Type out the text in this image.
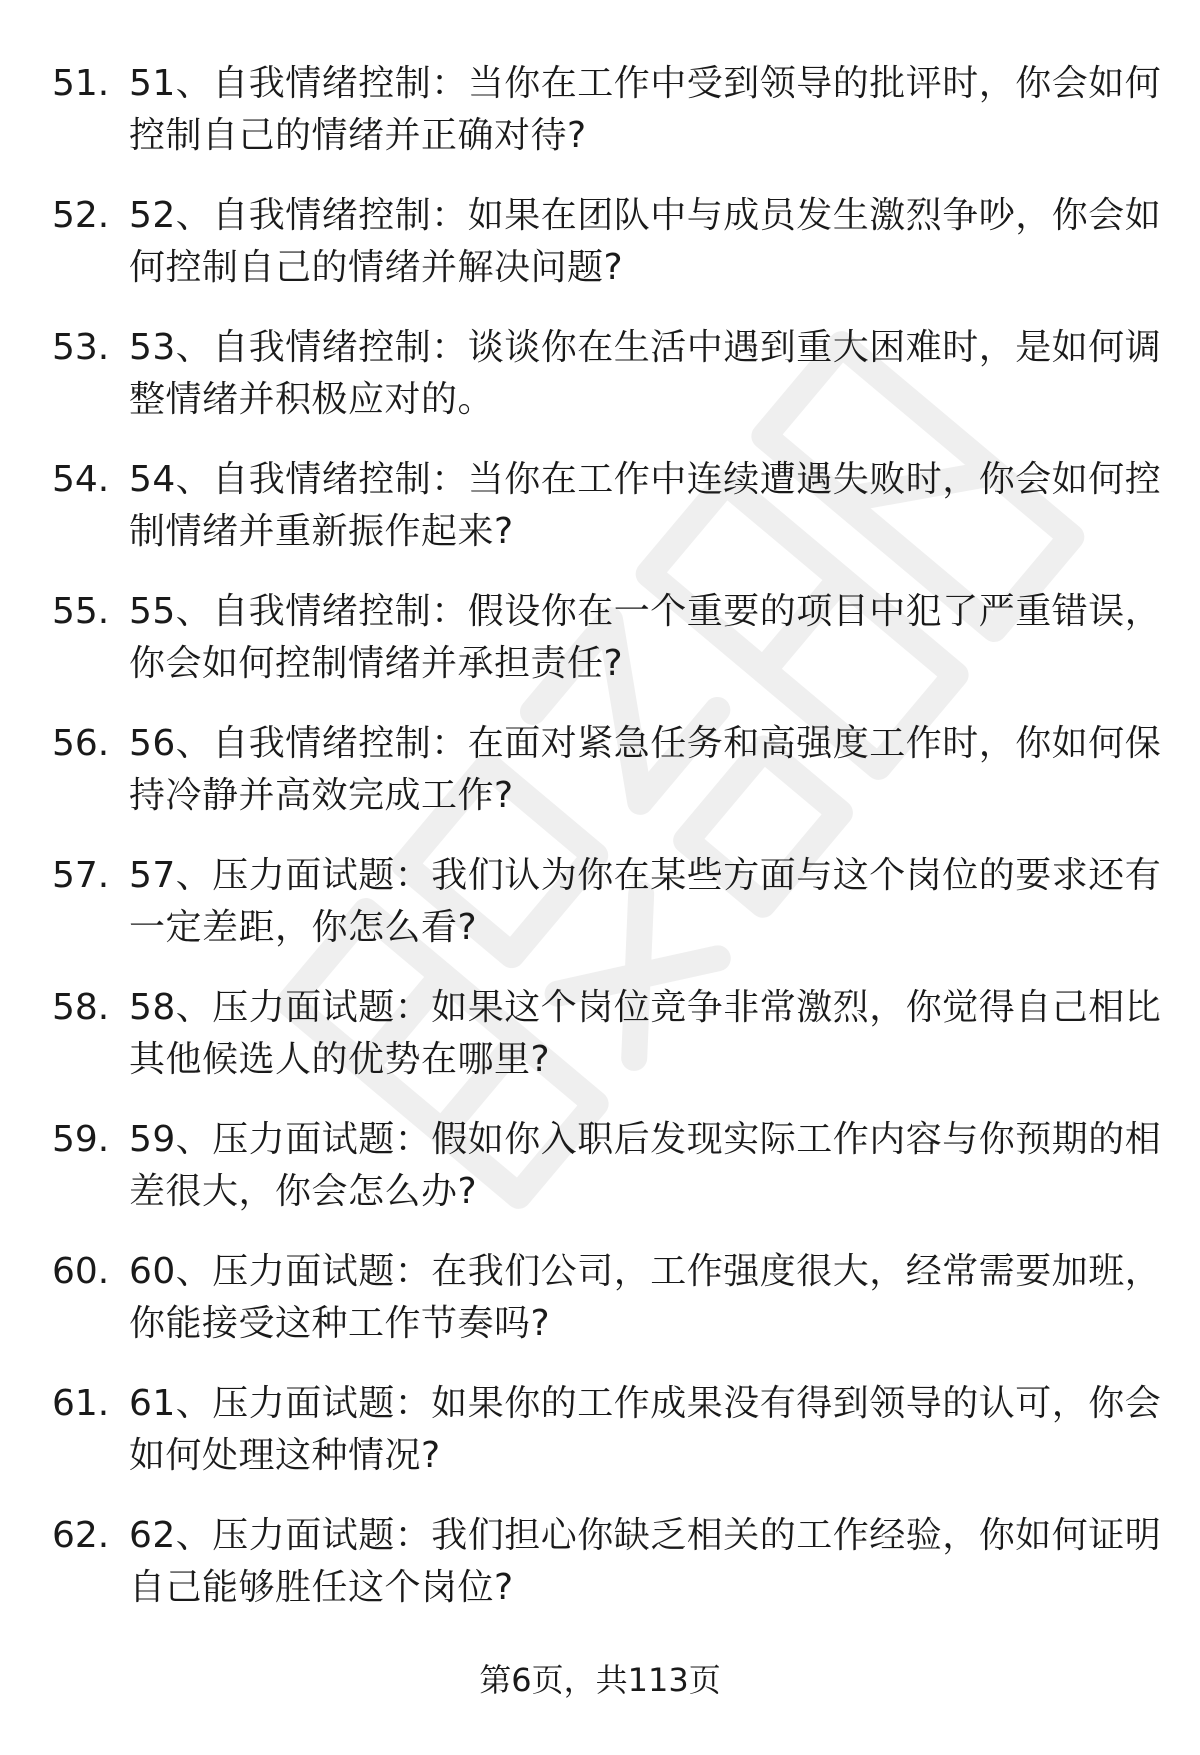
51. 51、自我情绪控制：当你在工作中受到领导的批评时，你会如何控制自己的情绪并正确对待?
52. 52、自我情绪控制：如果在团队中与成员发生激烈争吵，你会如何控制自己的情绪并解决问题?
53. 53、自我情绪控制：谈谈你在生活中遇到重大困难时，是如何调整情绪并积极应对的。
54. 54、自我情绪控制：当你在工作中连续遭遇失败时，你会如何控制情绪并重新振作起来?
55. 55、自我情绪控制：假设你在一个重要的项目中犯了严重错误，你会如何控制情绪并承担责任?
56. 56、自我情绪控制：在面对紧急任务和高强度工作时，你如何保持冷静并高效完成工作?
57. 57、压力面试题：我们认为你在某些方面与这个岗位的要求还有一定差距，你怎么看?
58. 58、压力面试题：如果这个岗位竞争非常激烈，你觉得自己相比其他候选人的优势在哪里?
59. 59、压力面试题：假如你入职后发现实际工作内容与你预期的相差很大，你会怎么办?
60. 60、压力面试题：在我们公司，工作强度很大，经常需要加班，你能接受这种工作节奏吗?
61. 61、压力面试题：如果你的工作成果没有得到领导的认可，你会如何处理这种情况?
62. 62、压力面试题：我们担心你缺乏相关的工作经验，你如何证明自己能够胜任这个岗位?
第6页，共113页
